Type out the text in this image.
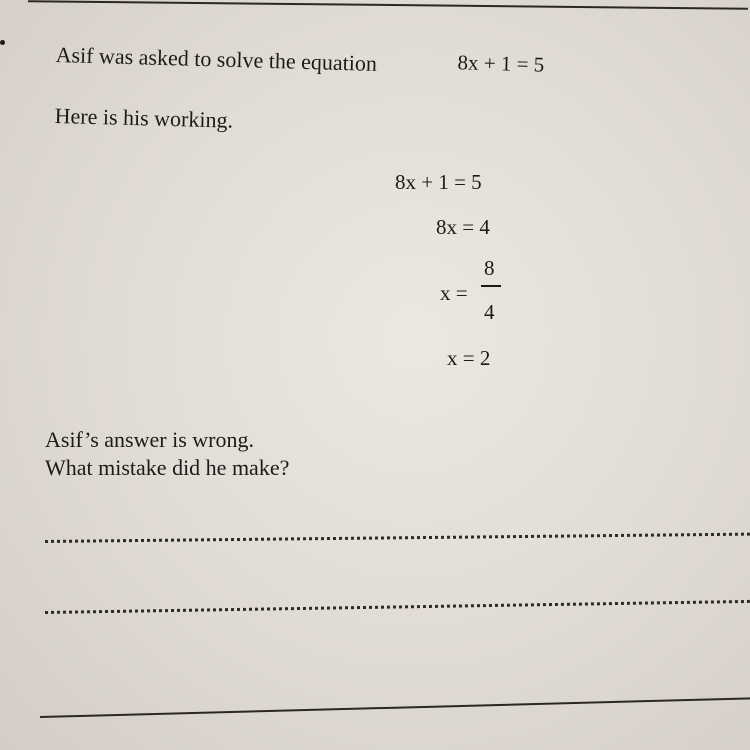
Asif was asked to solve the equation	8x + 1 = 5
Here is his working.
8x + 1 = 5
8x = 4
x =
8
4
x = 2
Asif’s answer is wrong.
What mistake did he make?
